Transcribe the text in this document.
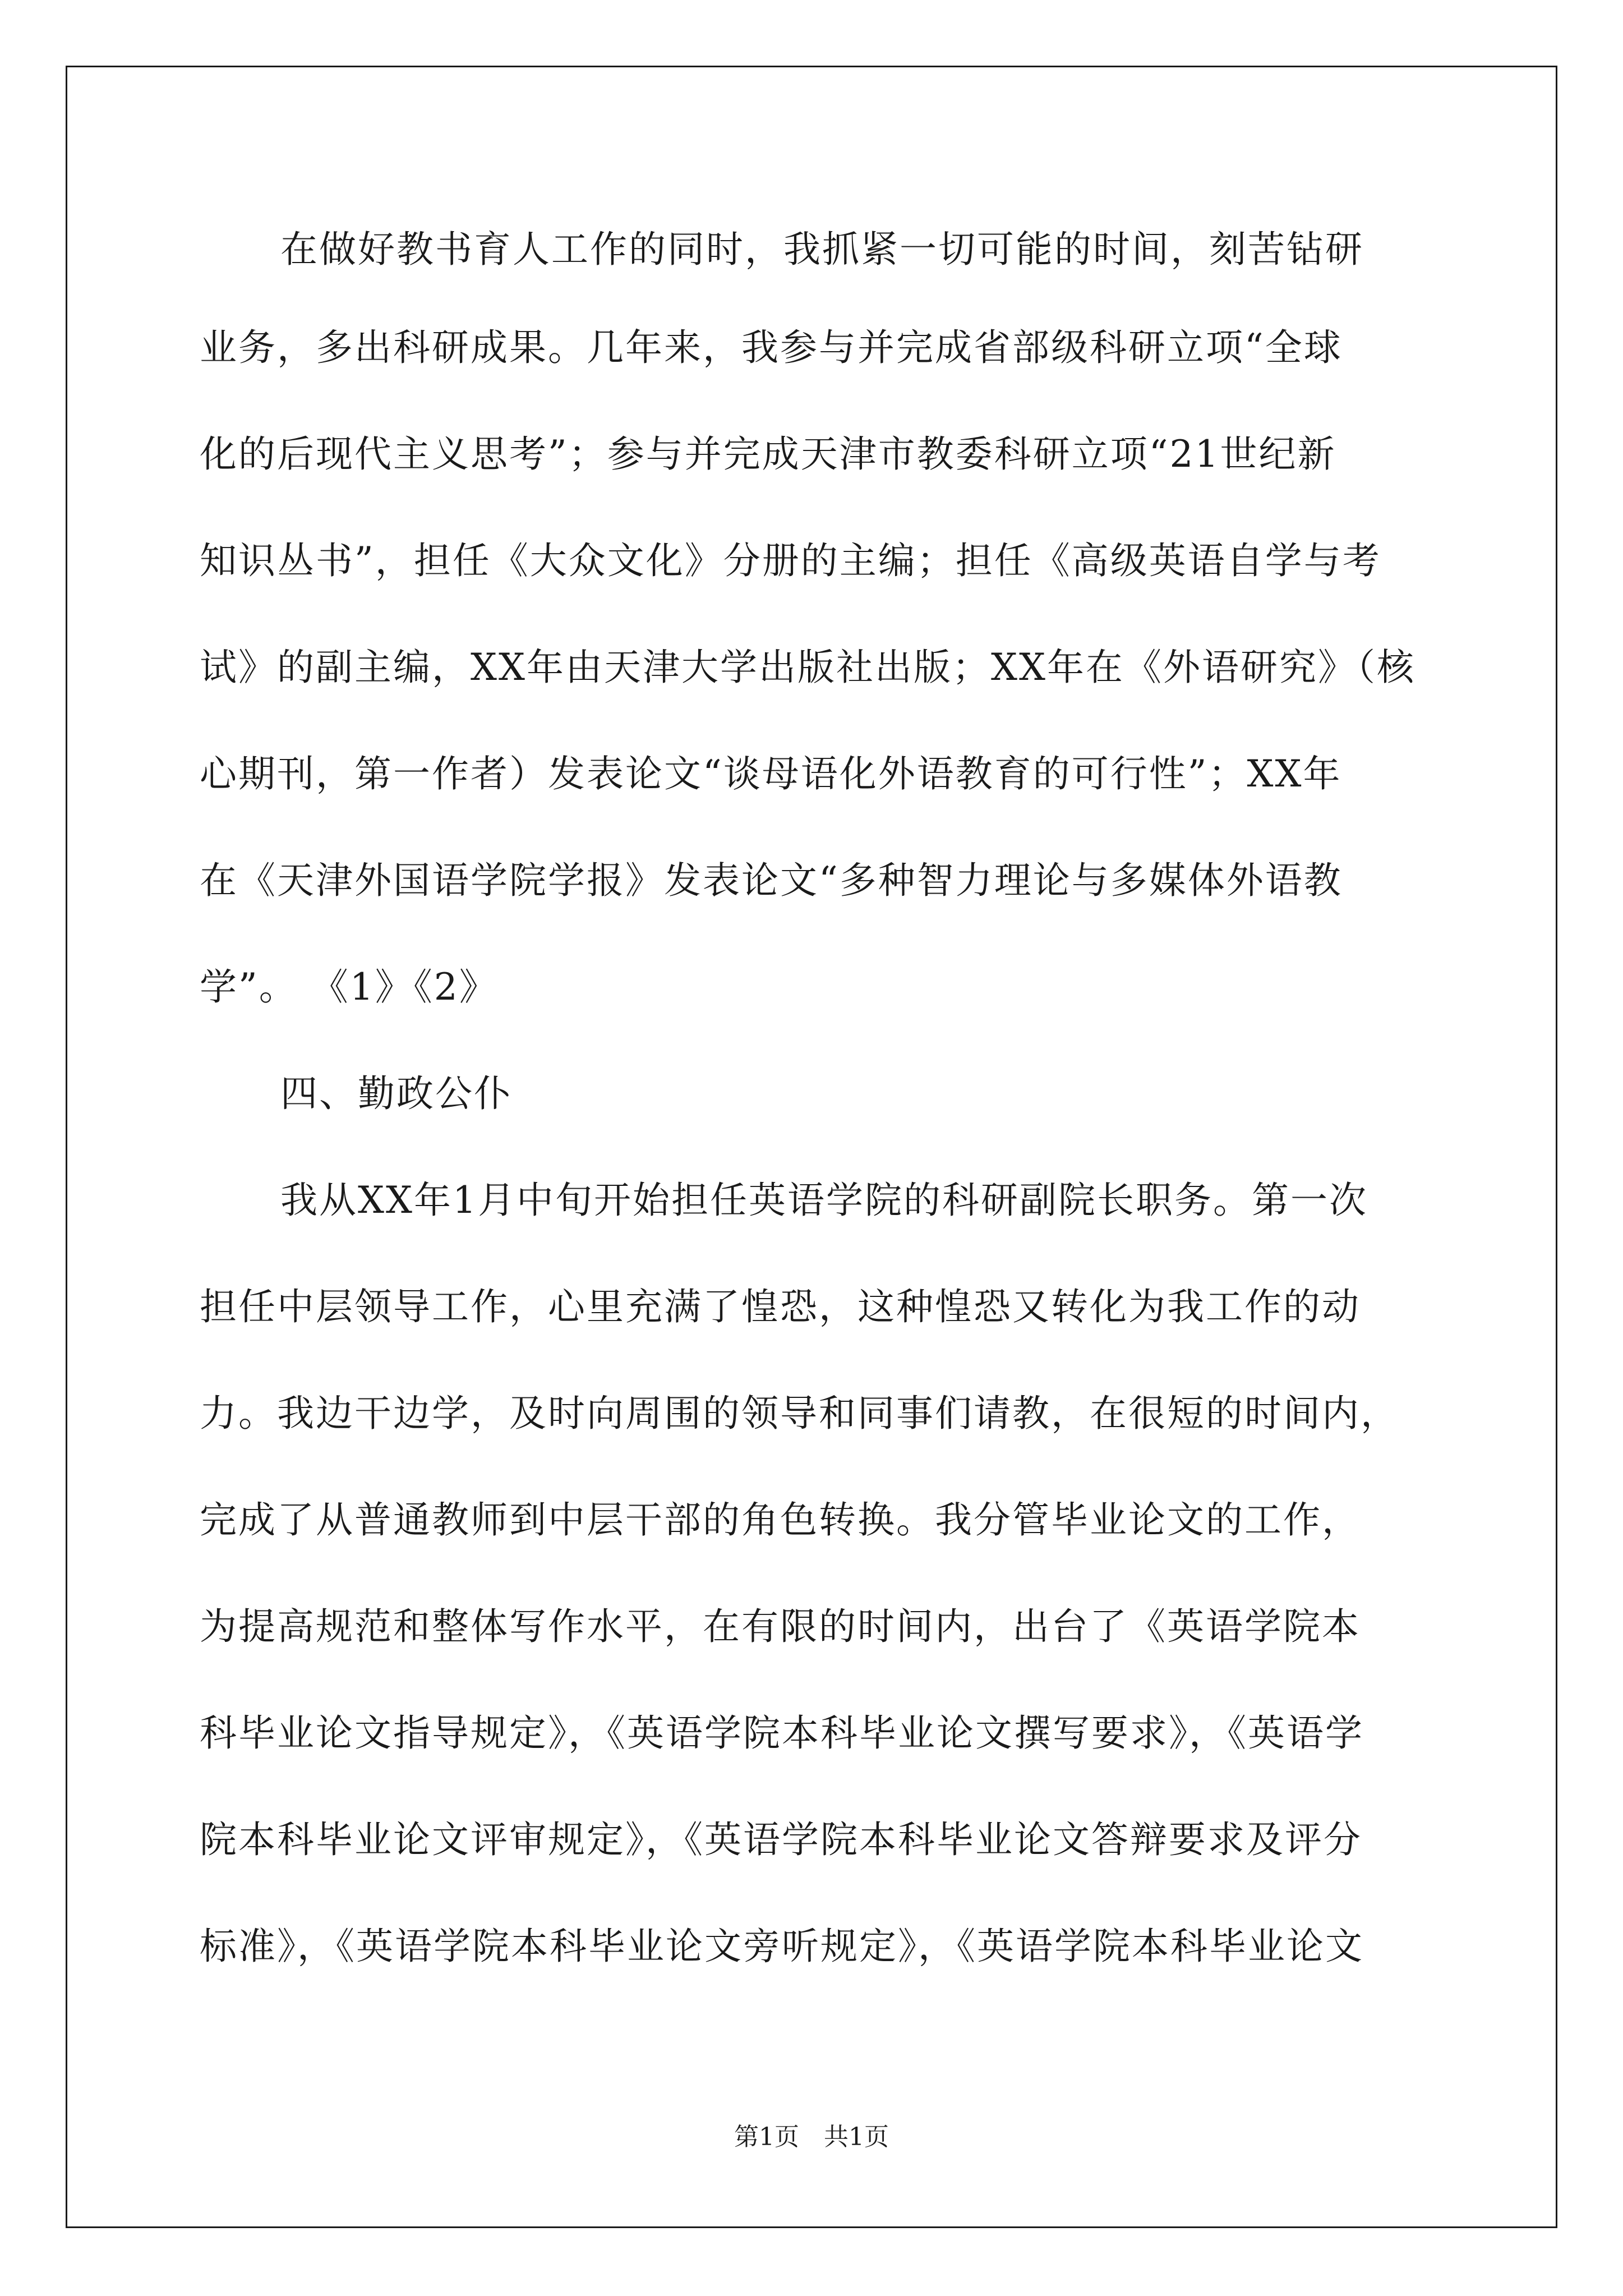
在做好教书育人工作的同时，我抓紧一切可能的时间，刻苦钻研
业务，多出科研成果。几年来，我参与并完成省部级科研立项“全球
化的后现代主义思考”；参与并完成天津市教委科研立项“21世纪新
知识丛书”，担任《大众文化》分册的主编；担任《高级英语自学与考
试》的副主编，XX年由天津大学出版社出版；XX年在《外语研究》（核
心期刊，第一作者）发表论文“谈母语化外语教育的可行性”；XX年
在《天津外国语学院学报》发表论文“多种智力理论与多媒体外语教
学”。 《1》《2》
四、勤政公仆
我从XX年1月中旬开始担任英语学院的科研副院长职务。第一次
担任中层领导工作，心里充满了惶恐，这种惶恐又转化为我工作的动
力。我边干边学，及时向周围的领导和同事们请教，在很短的时间内，
完成了从普通教师到中层干部的角色转换。我分管毕业论文的工作，
为提高规范和整体写作水平，在有限的时间内，出台了《英语学院本
科毕业论文指导规定》，《英语学院本科毕业论文撰写要求》，《英语学
院本科毕业论文评审规定》，《英语学院本科毕业论文答辩要求及评分
标准》，《英语学院本科毕业论文旁听规定》，《英语学院本科毕业论文
第1页　共1页
